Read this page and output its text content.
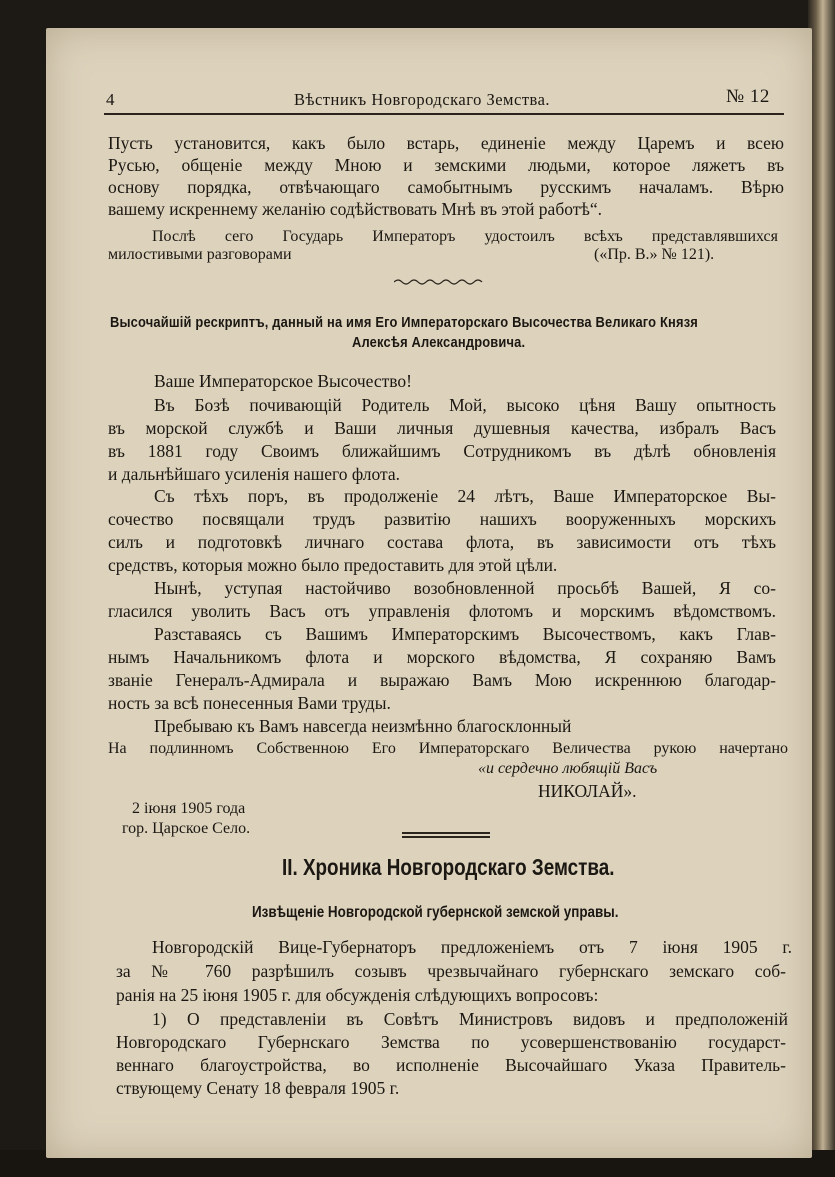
4	Вѣстникъ Новгородскаго Земства.	№ 12
Пусть установится, какъ было встарь, единеніе между Царемъ и всею
Русью, общеніе между Мною и земскими людьми, которое ляжетъ въ
основу порядка, отвѣчающаго самобытнымъ русскимъ началамъ. Вѣрю
вашему искреннему желанію содѣйствовать Мнѣ въ этой работѣ“.
Послѣ сего Государь Императоръ удостоилъ всѣхъ представлявшихся
милостивыми разговорами	(«Пр. В.» № 121).
Высочайшій рескриптъ, данный на имя Его Императорскаго Высочества Великаго Князя
Алексѣя Александровича.
Ваше Императорское Высочество!
Въ Бозѣ почивающій Родитель Мой, высоко цѣня Вашу опытность
въ морской службѣ и Ваши личныя душевныя качества, избралъ Васъ
въ 1881 году Своимъ ближайшимъ Сотрудникомъ въ дѣлѣ обновленія
и дальнѣйшаго усиленія нашего флота.
Съ тѣхъ поръ, въ продолженіе 24 лѣтъ, Ваше Императорское Вы-
сочество посвящали трудъ развитію нашихъ вооруженныхъ морскихъ
силъ и подготовкѣ личнаго состава флота, въ зависимости отъ тѣхъ
средствъ, которыя можно было предоставить для этой цѣли.
Нынѣ, уступая настойчиво возобновленной просьбѣ Вашей, Я со-
гласился уволить Васъ отъ управленія флотомъ и морскимъ вѣдомствомъ.
Разставаясь съ Вашимъ Императорскимъ Высочествомъ, какъ Глав-
нымъ Начальникомъ флота и морского вѣдомства, Я сохраняю Вамъ
званіе Генералъ-Адмирала и выражаю Вамъ Мою искреннюю благодар-
ность за всѣ понесенныя Вами труды.
Пребываю къ Вамъ навсегда неизмѣнно благосклонный
На подлинномъ Собственною Его Императорскаго Величества рукою начертано
«и сердечно любящій Васъ
НИКОЛАЙ».
2 іюня 1905 года
гор. Царское Село.
II. Хроника Новгородскаго Земства.
Извѣщеніе Новгородской губернской земской управы.
Новгородскій Вице-Губернаторъ предложеніемъ отъ 7 іюня 1905 г.
за № 760 разрѣшилъ созывъ чрезвычайнаго губернскаго земскаго соб-
ранія на 25 іюня 1905 г. для обсужденія слѣдующихъ вопросовъ:
1) О представленіи въ Совѣтъ Министровъ видовъ и предположеній
Новгородскаго Губернскаго Земства по усовершенствованію государст-
веннаго благоустройства, во исполненіе Высочайшаго Указа Правитель-
ствующему Сенату 18 февраля 1905 г.
